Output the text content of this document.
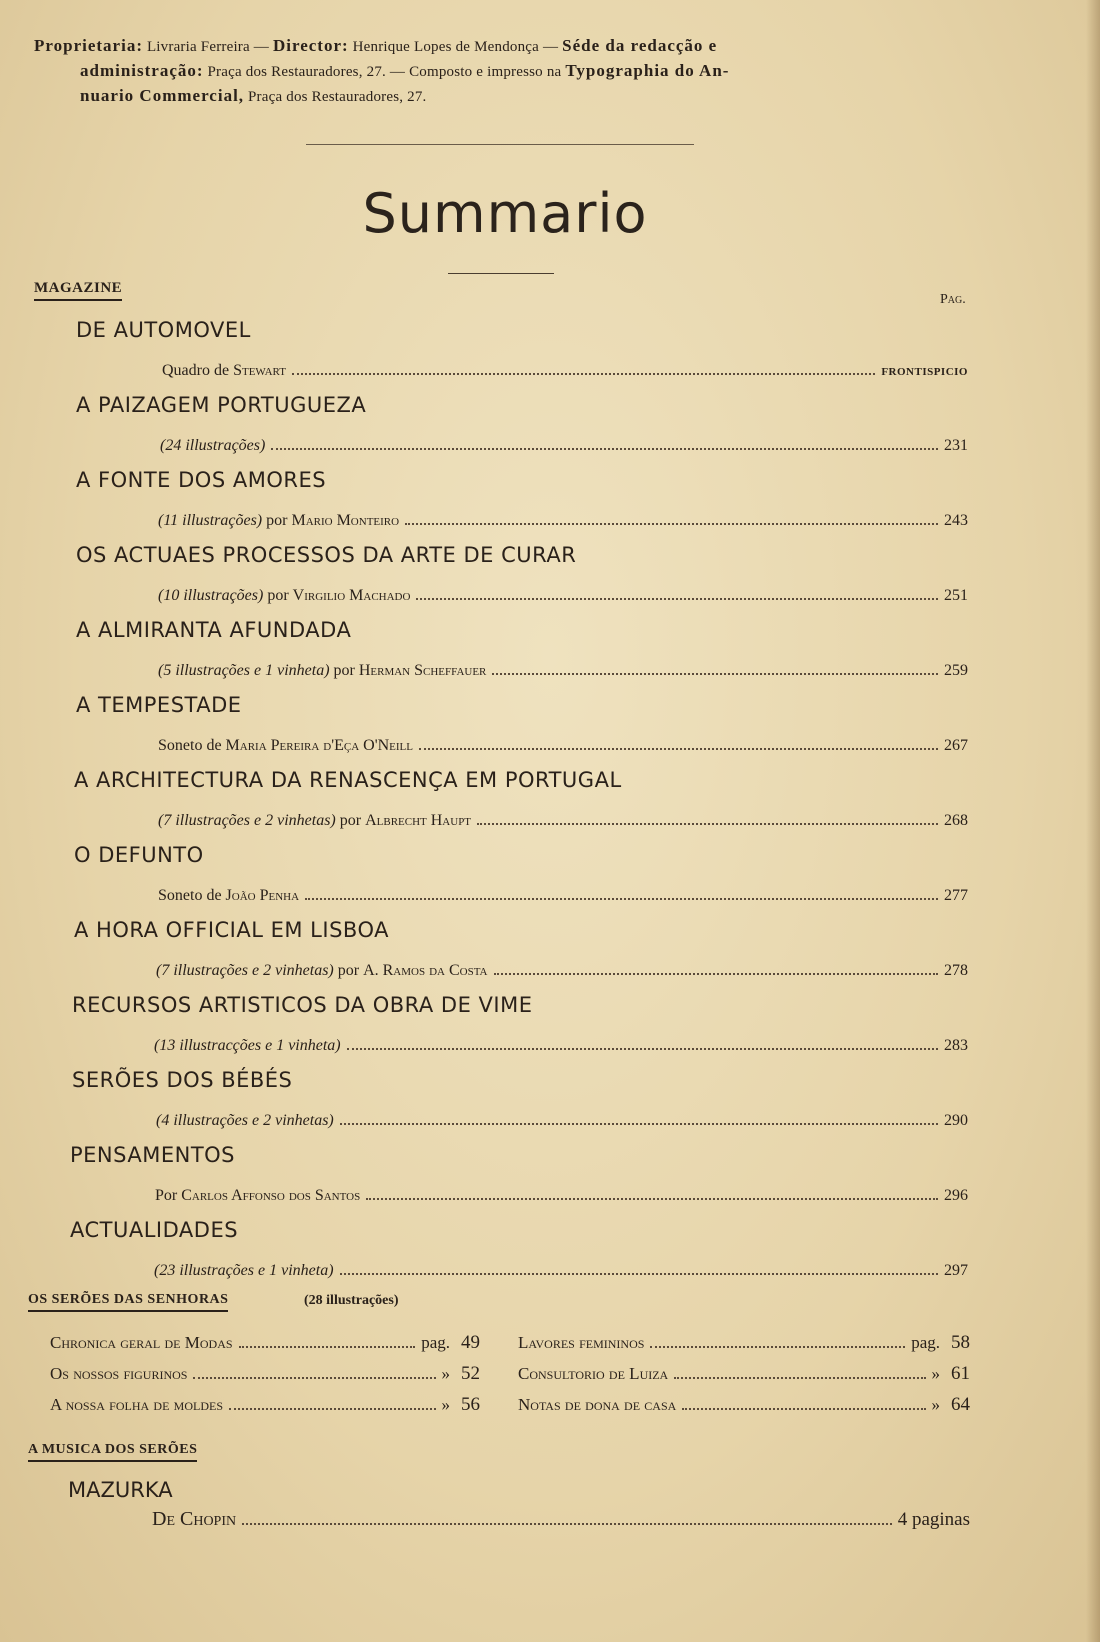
Proprietaria: Livraria Ferreira — Director: Henrique Lopes de Mendonça — Séde da redacção e
administração: Praça dos Restauradores, 27. — Composto e impresso na Typographia do An-
nuario Commercial, Praça dos Restauradores, 27.
Summario
MAGAZINE
Pag.
DE AUTOMOVEL
Quadro de Stewart	FRONTISPICIO
A PAIZAGEM PORTUGUEZA
(24 illustrações)	231
A FONTE DOS AMORES
(11 illustrações) por Mario Monteiro	243
OS ACTUAES PROCESSOS DA ARTE DE CURAR
(10 illustrações) por Virgilio Machado	251
A ALMIRANTA AFUNDADA
(5 illustrações e 1 vinheta) por Herman Scheffauer	259
A TEMPESTADE
Soneto de Maria Pereira d'Eça O'Neill	267
A ARCHITECTURA DA RENASCENÇA EM PORTUGAL
(7 illustrações e 2 vinhetas) por Albrecht Haupt	268
O DEFUNTO
Soneto de João Penha	277
A HORA OFFICIAL EM LISBOA
(7 illustrações e 2 vinhetas) por A. Ramos da Costa	278
RECURSOS ARTISTICOS DA OBRA DE VIME
(13 illustracções e 1 vinheta)	283
SERÕES DOS BÉBÉS
(4 illustrações e 2 vinhetas)	290
PENSAMENTOS
Por Carlos Affonso dos Santos	296
ACTUALIDADES
(23 illustrações e 1 vinheta)	297
OS SERÕES DAS SENHORAS	(28 illustrações)
Chronica geral de Modas	pag. 49
Os nossos figurinos	» 52
A nossa folha de moldes	» 56
Lavores femininos	pag. 58
Consultorio de Luiza	» 61
Notas de dona de casa	» 64
A MUSICA DOS SERÕES
MAZURKA
De Chopin	4 paginas
